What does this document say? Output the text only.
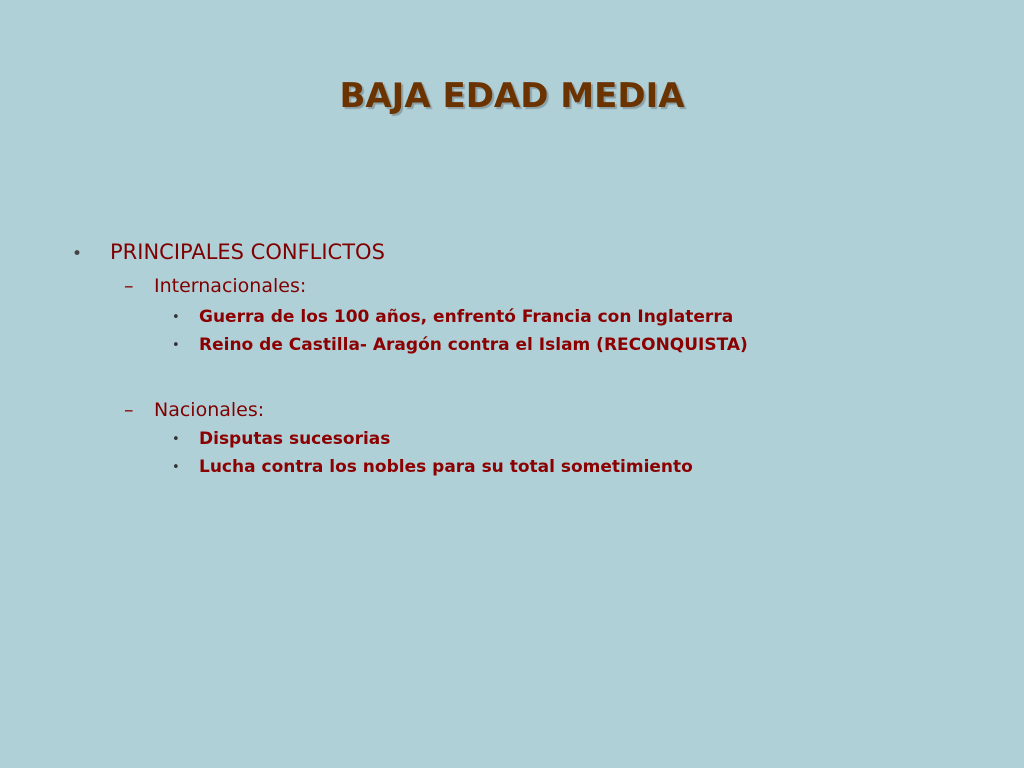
BAJA EDAD MEDIA
• PRINCIPALES CONFLICTOS
– Internacionales:
• Guerra de los 100 años, enfrentó Francia con Inglaterra
• Reino de Castilla- Aragón contra el Islam (RECONQUISTA)
– Nacionales:
• Disputas sucesorias
• Lucha contra los nobles para su total sometimiento
